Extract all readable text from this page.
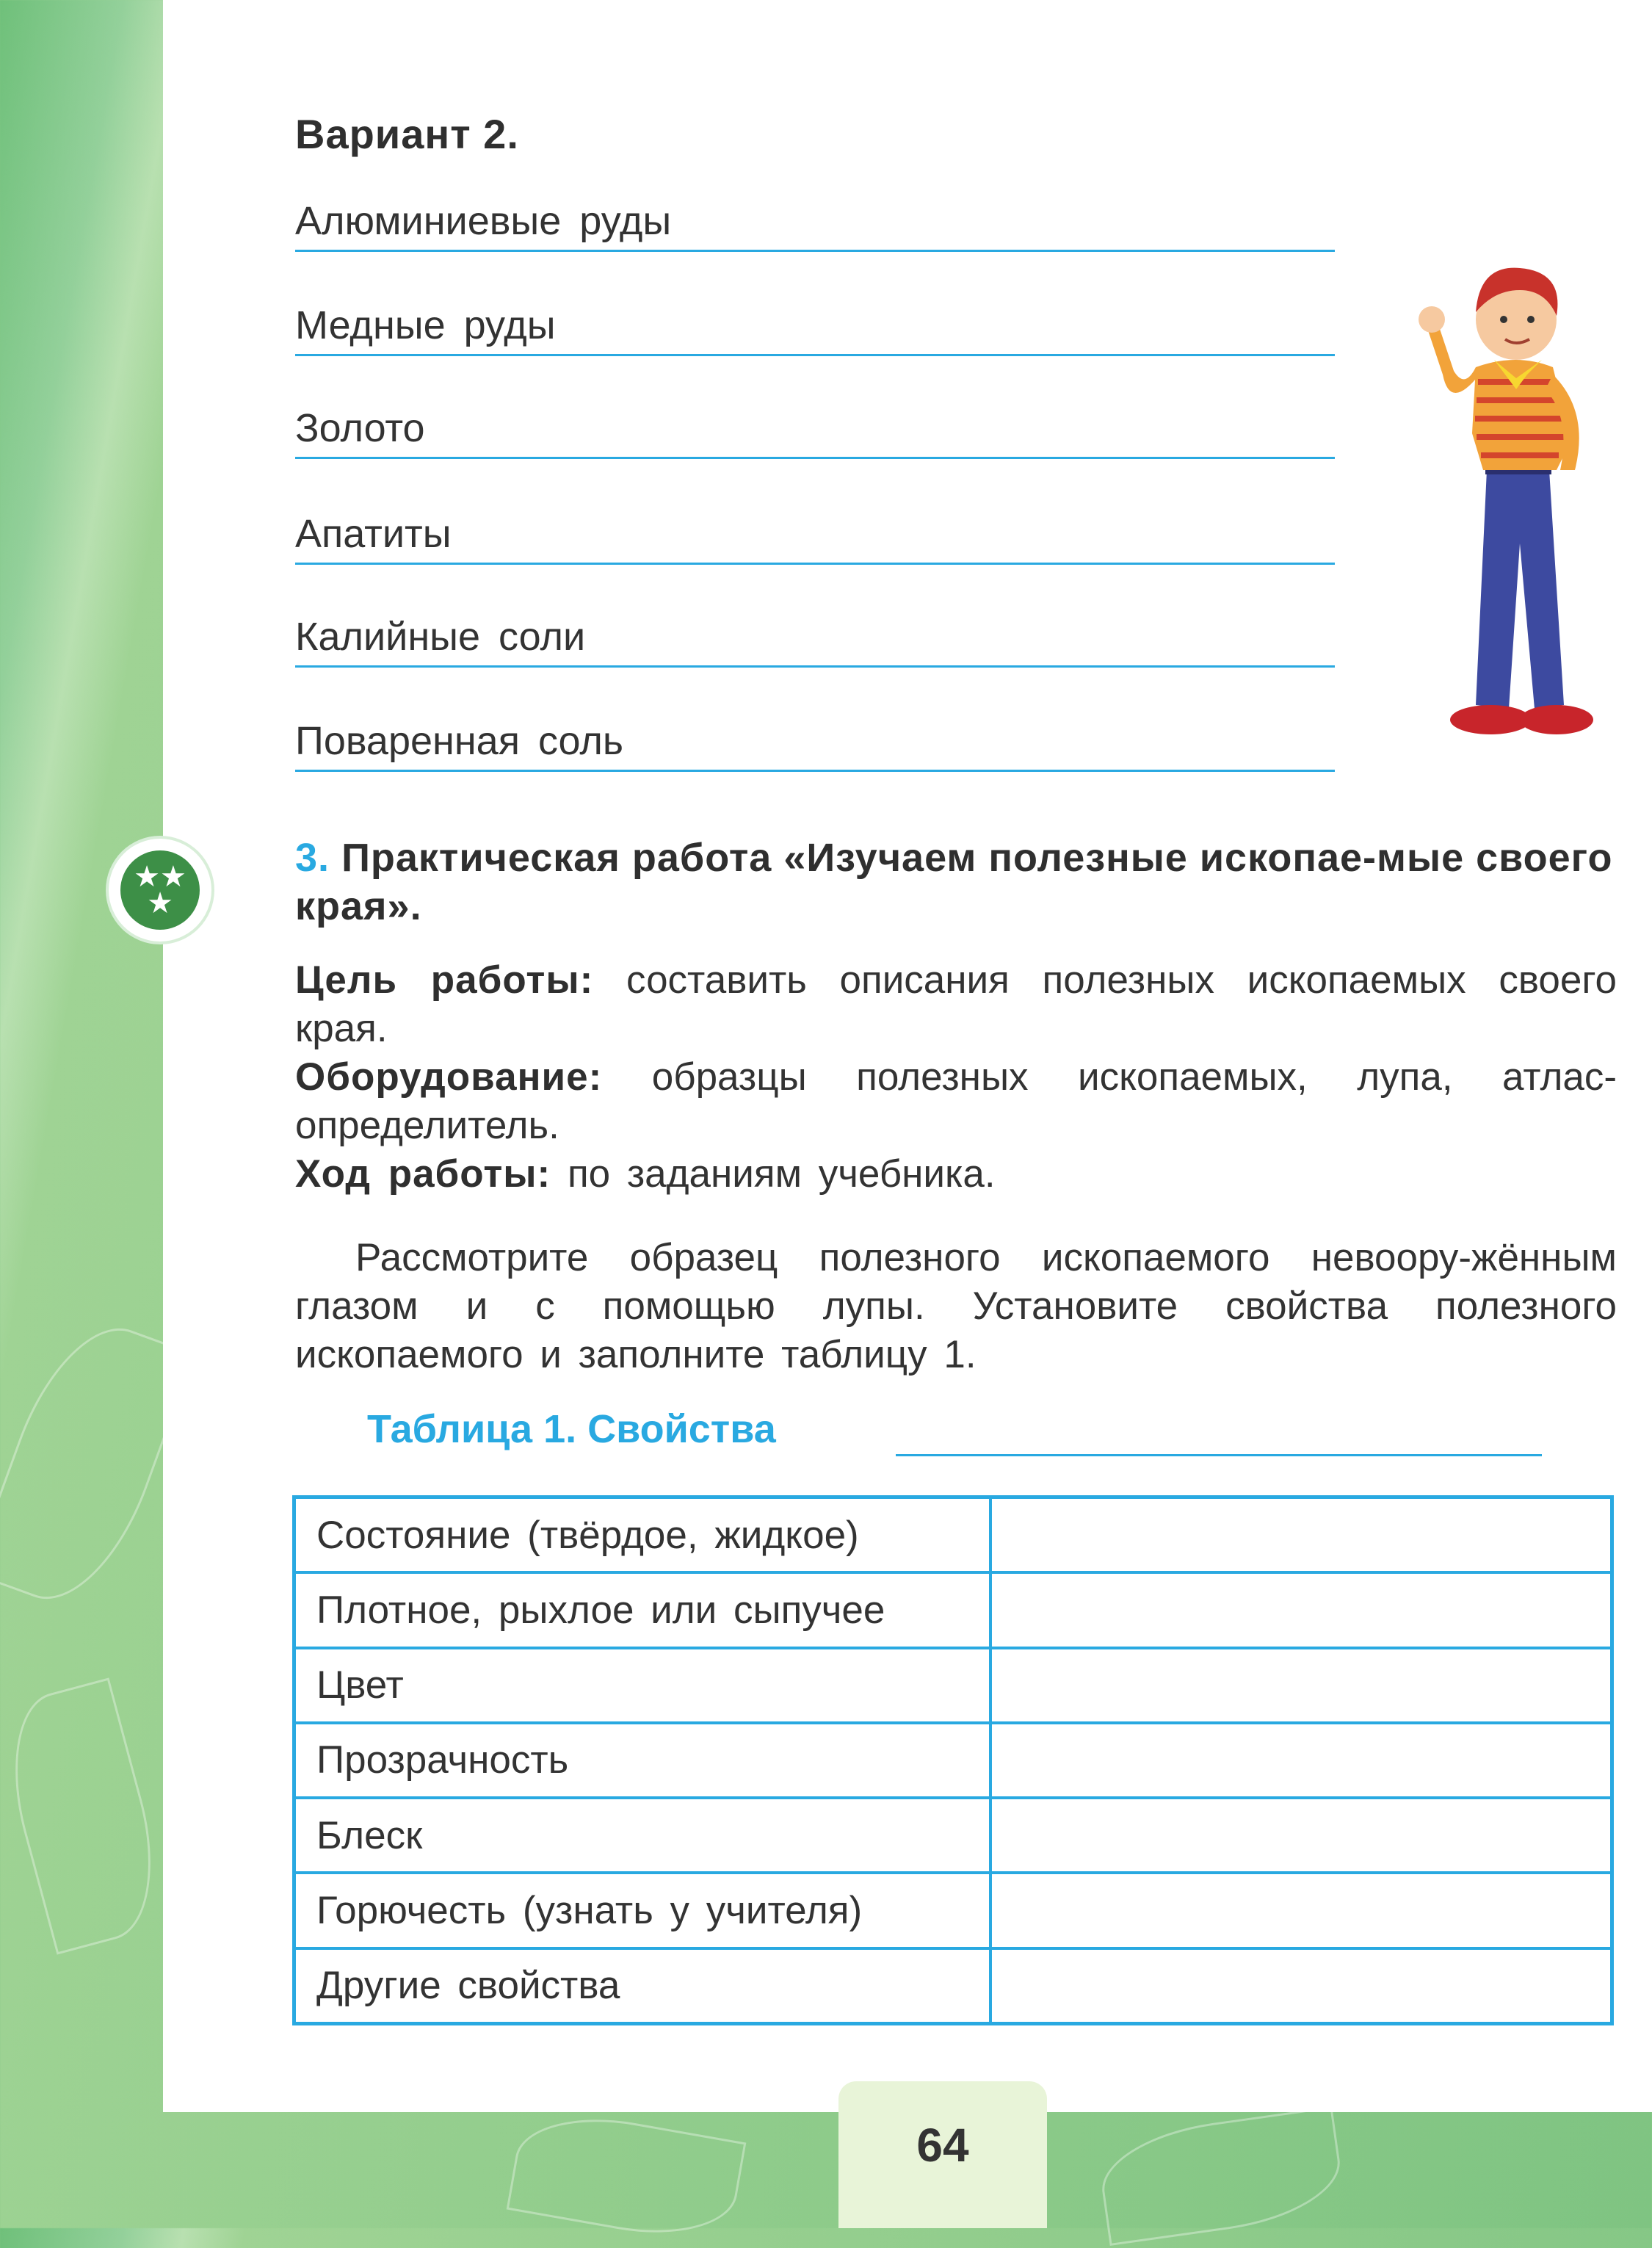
Вариант 2.
Алюминиевые руды
Медные руды
Золото
Апатиты
Калийные соли
Поваренная соль
★★
★
3. Практическая работа «Изучаем полезные ископае-мые своего края».
Цель работы: составить описания полезных ископаемых своего края.
Оборудование: образцы полезных ископаемых, лупа, атлас-определитель.
Ход работы: по заданиям учебника.
Рассмотрите образец полезного ископаемого невоору-жённым глазом и с помощью лупы. Установите свойства полезного ископаемого и заполните таблицу 1.
Таблица 1. Свойства
Состояние (твёрдое, жидкое)	
Плотное, рыхлое или сыпучее	
Цвет	
Прозрачность	
Блеск	
Горючесть (узнать у учителя)	
Другие свойства	
64
